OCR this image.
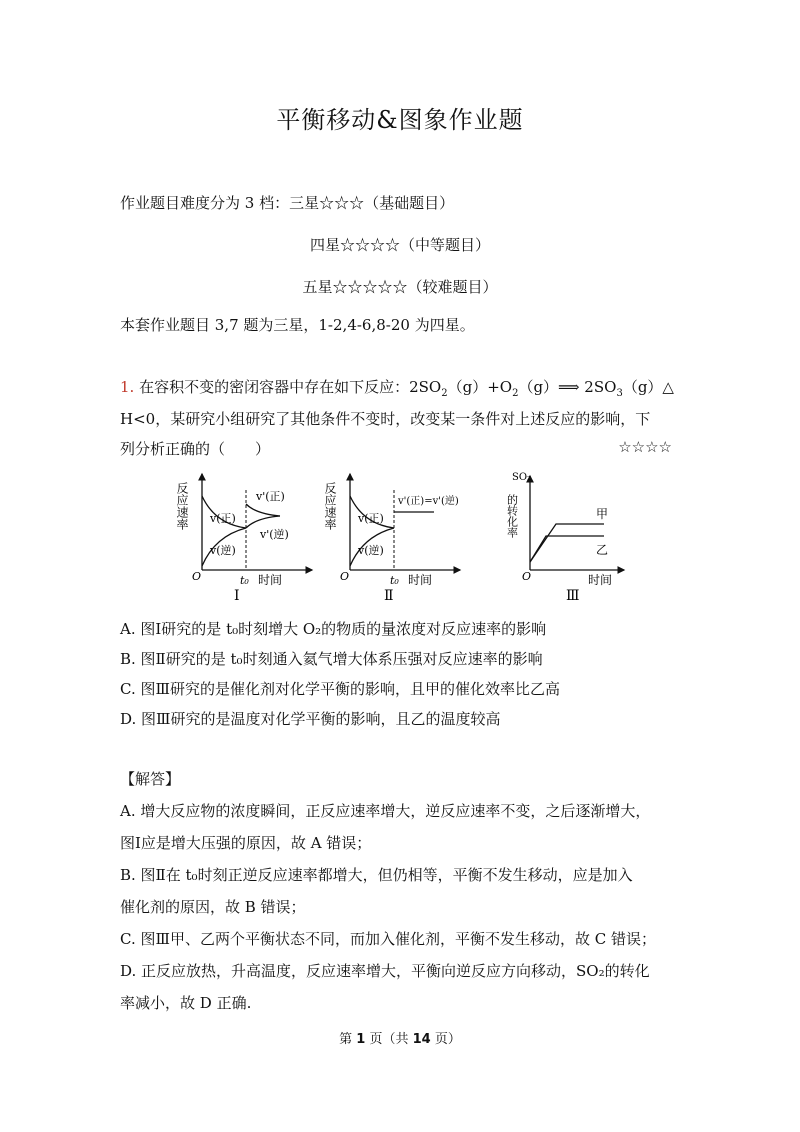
平衡移动&图象作业题
作业题目难度分为 3 档：三星☆☆☆（基础题目）
四星☆☆☆☆（中等题目）
五星☆☆☆☆☆（较难题目）
本套作业题目 3,7 题为三星，1-2,4-6,8-20 为四星。
1. 在容积不变的密闭容器中存在如下反应：$2SO_2(g)+O_2(g)⟹$ $2SO_3(g)\triangle$
H<0，某研究小组研究了其他条件不变时，改变某一条件对上述反应的影响，下
列分析正确的（　　）	☆☆☆☆
反应速率
O	t₀ 时间
v(正)
v(逆)
v'(正)
v'(逆)
Ⅰ
反应速率
O	t₀ 时间
v(正)
v(逆)
v'(正)=v'(逆)
Ⅱ
SO₂
的转化率
O	时间
甲
乙
Ⅲ
A. 图Ⅰ研究的是 t₀时刻增大 O₂的物质的量浓度对反应速率的影响
B. 图Ⅱ研究的是 t₀时刻通入氦气增大体系压强对反应速率的影响
C. 图Ⅲ研究的是催化剂对化学平衡的影响，且甲的催化效率比乙高
D. 图Ⅲ研究的是温度对化学平衡的影响，且乙的温度较高
【解答】
A. 增大反应物的浓度瞬间，正反应速率增大，逆反应速率不变，之后逐渐增大，
图Ⅰ应是增大压强的原因，故 A 错误；
B. 图Ⅱ在 t₀时刻正逆反应速率都增大，但仍相等，平衡不发生移动，应是加入
催化剂的原因，故 B 错误；
C. 图Ⅲ甲、乙两个平衡状态不同，而加入催化剂，平衡不发生移动，故 C 错误；
D. 正反应放热，升高温度，反应速率增大，平衡向逆反应方向移动，SO₂的转化
率减小，故 D 正确.
第 1 页（共 14 页）
